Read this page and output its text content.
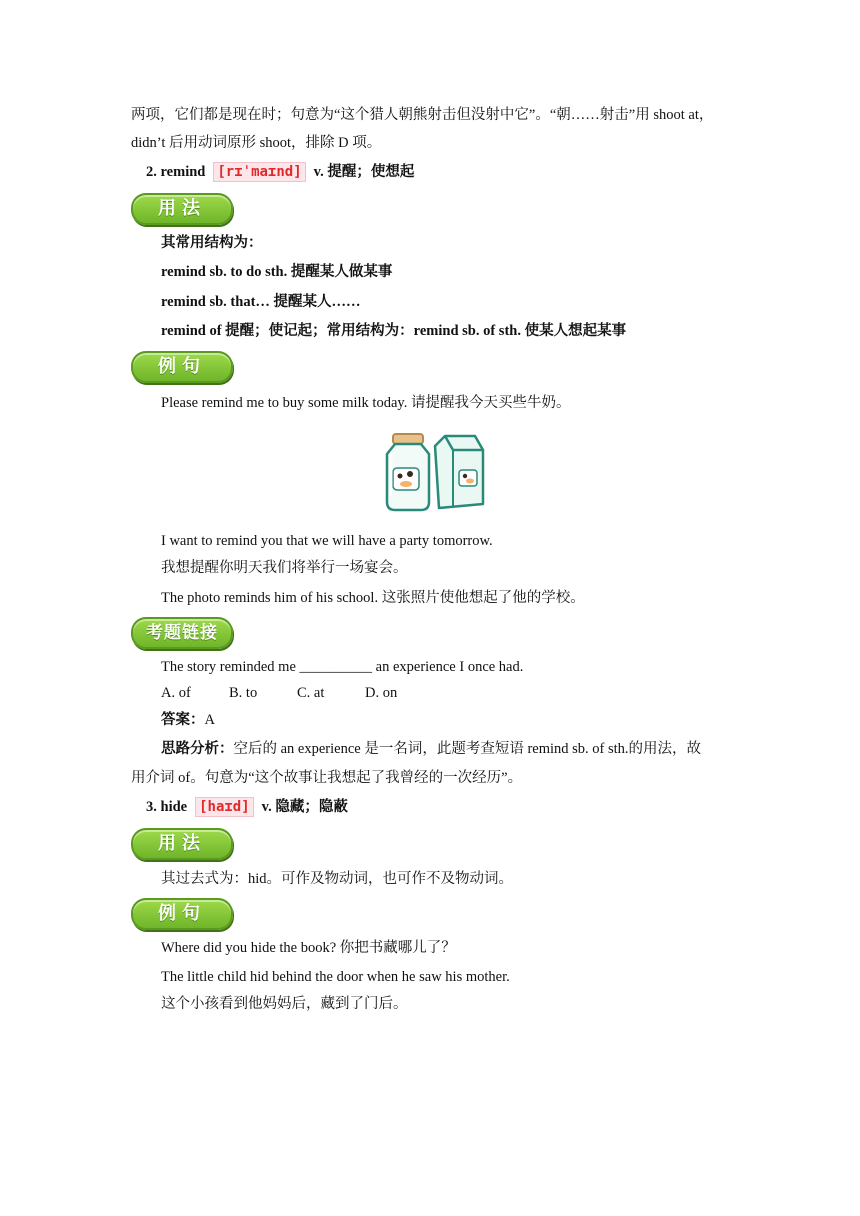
两项，它们都是现在时；句意为“这个猎人朝熊射击但没射中它”。“朝……射击”用 shoot at，
didn’t 后用动词原形 shoot，排除 D 项。
2. remind [rɪˈmaɪnd] v. 提醒；使想起
用法
其常用结构为：
remind sb. to do sth. 提醒某人做某事
remind sb. that… 提醒某人……
remind of 提醒；使记起；常用结构为：remind sb. of sth. 使某人想起某事
例句
Please remind me to buy some milk today. 请提醒我今天买些牛奶。
I want to remind you that we will have a party tomorrow.
我想提醒你明天我们将举行一场宴会。
The photo reminds him of his school. 这张照片使他想起了他的学校。
考题链接
The story reminded me __________ an experience I once had.
A. of	B. to	C. at	D. on
答案：A
思路分析：空后的 an experience 是一名词，此题考查短语 remind sb. of sth.的用法，故
用介词 of。句意为“这个故事让我想起了我曾经的一次经历”。
3. hide [haɪd] v. 隐藏；隐蔽
用法
其过去式为：hid。可作及物动词，也可作不及物动词。
例句
Where did you hide the book? 你把书藏哪儿了？
The little child hid behind the door when he saw his mother.
这个小孩看到他妈妈后，藏到了门后。
